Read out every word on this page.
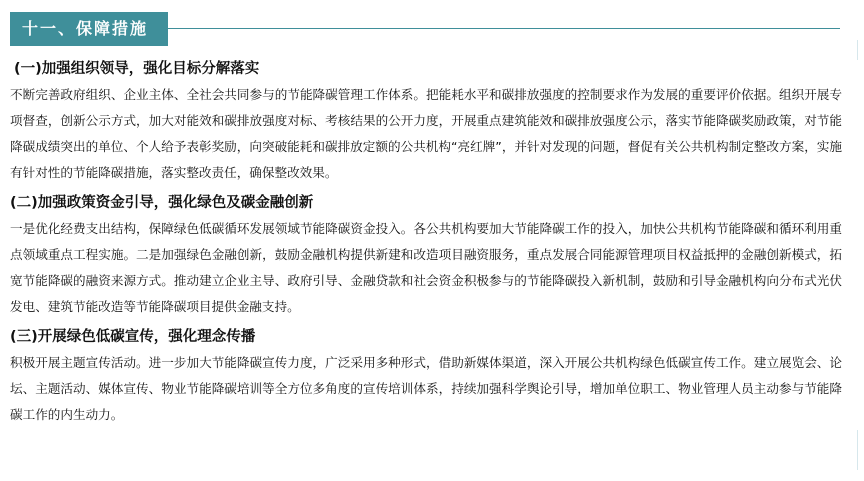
十一、保障措施
(一)加强组织领导，强化目标分解落实

不断完善政府组织、企业主体、全社会共同参与的节能降碳管理工作体系。把能耗水平和碳排放强度的控制要求作为发展的重要评价依据。组织开展专项督查，创新公示方式，加大对能效和碳排放强度对标、考核结果的公开力度，开展重点建筑能效和碳排放强度公示，落实节能降碳奖励政策，对节能降碳成绩突出的单位、个人给予表彰奖励，向突破能耗和碳排放定额的公共机构“亮红牌”，并针对发现的问题，督促有关公共机构制定整改方案，实施有针对性的节能降碳措施，落实整改责任，确保整改效果。

(二)加强政策资金引导，强化绿色及碳金融创新

一是优化经费支出结构，保障绿色低碳循环发展领域节能降碳资金投入。各公共机构要加大节能降碳工作的投入，加快公共机构节能降碳和循环利用重点领域重点工程实施。二是加强绿色金融创新，鼓励金融机构提供新建和改造项目融资服务，重点发展合同能源管理项目权益抵押的金融创新模式，拓宽节能降碳的融资来源方式。推动建立企业主导、政府引导、金融贷款和社会资金积极参与的节能降碳投入新机制，鼓励和引导金融机构向分布式光伏发电、建筑节能改造等节能降碳项目提供金融支持。

(三)开展绿色低碳宣传，强化理念传播

积极开展主题宣传活动。进一步加大节能降碳宣传力度，广泛采用多种形式，借助新媒体渠道，深入开展公共机构绿色低碳宣传工作。建立展览会、论坛、主题活动、媒体宣传、物业节能降碳培训等全方位多角度的宣传培训体系，持续加强科学舆论引导，增加单位职工、物业管理人员主动参与节能降碳工作的内生动力。
